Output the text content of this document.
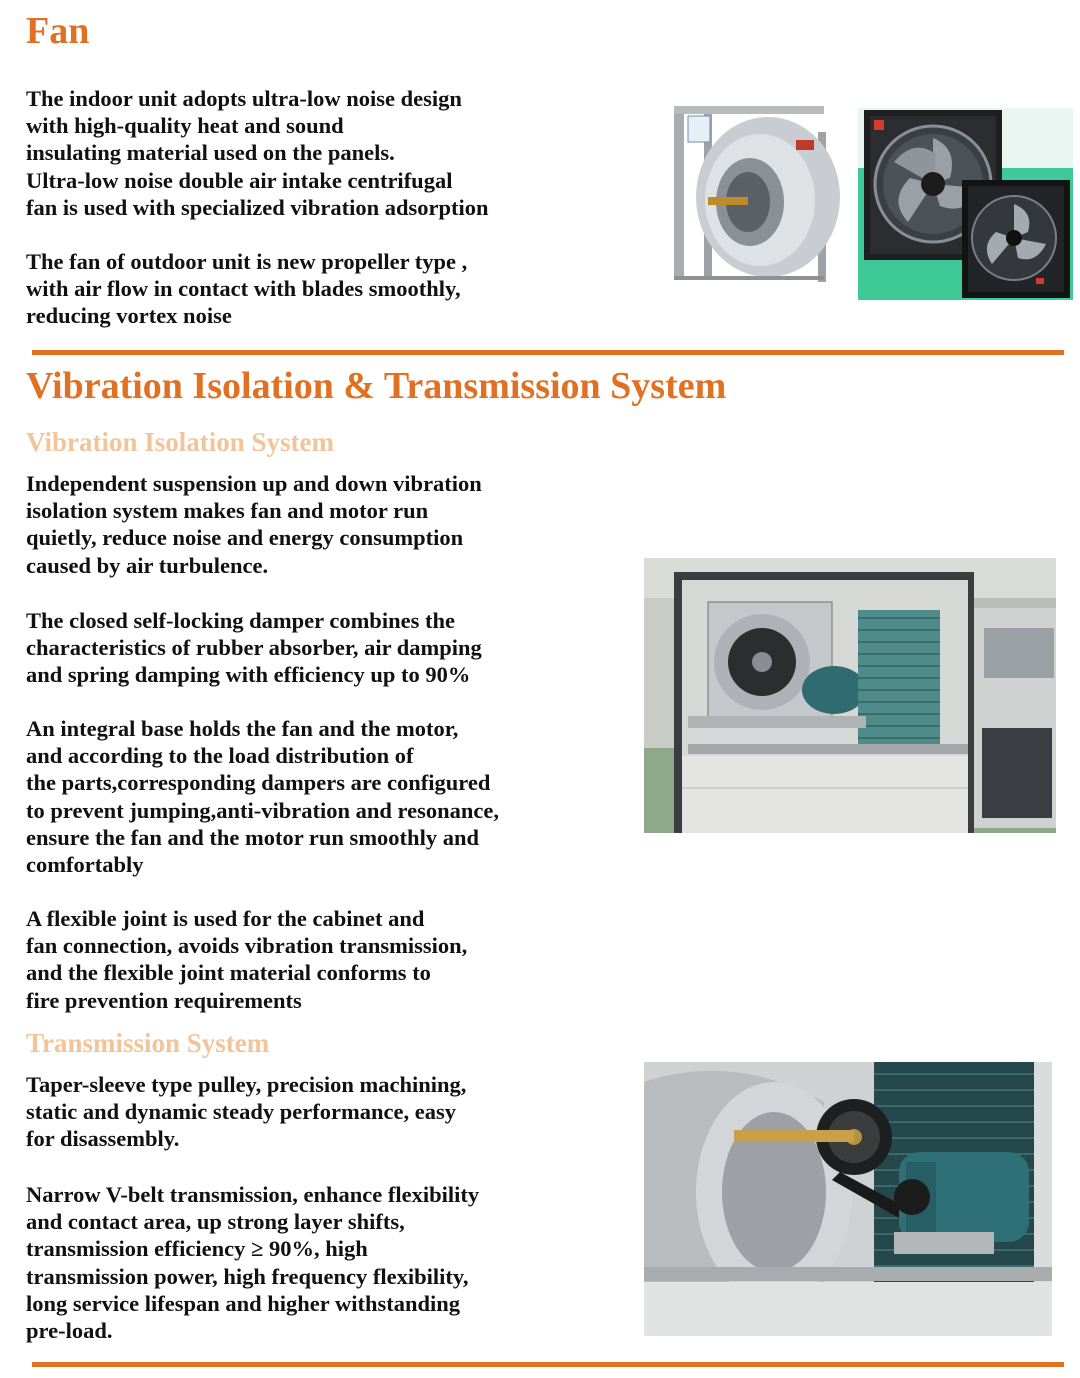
Fan
The indoor unit adopts ultra-low noise design
with high-quality heat and sound
insulating material used on the panels.
Ultra-low noise double air intake centrifugal
fan is used with specialized vibration adsorption
The fan of outdoor unit is new propeller type ,
with air flow in contact with blades smoothly,
reducing vortex noise
Vibration Isolation & Transmission System
Vibration Isolation System
Independent suspension up and down vibration
isolation system makes fan and motor run
quietly, reduce noise and energy consumption
caused by air turbulence.
The closed self-locking damper combines the
characteristics of rubber absorber, air damping
and spring damping with efficiency up to 90%
An integral base holds the fan and the motor,
and according to the load distribution of
the parts,corresponding dampers are configured
to prevent jumping,anti-vibration and resonance,
ensure the fan and the motor run smoothly and
comfortably
A flexible joint is used for the cabinet and
fan connection, avoids vibration transmission,
and the flexible joint material conforms to
fire prevention requirements
Transmission System
Taper-sleeve type pulley, precision machining,
static and dynamic steady performance, easy
for disassembly.
Narrow V-belt transmission, enhance flexibility
and contact area, up strong layer shifts,
transmission efficiency ≥ 90%, high
transmission power, high frequency flexibility,
long service lifespan and higher withstanding
pre-load.
